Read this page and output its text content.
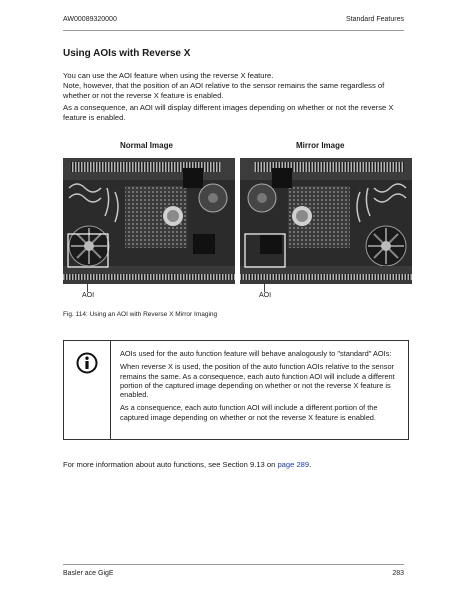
AW00089320000	Standard Features
Using AOIs with Reverse X

You can use the AOI feature when using the reverse X feature.
Note, however, that the position of an AOI relative to the sensor remains the same regardless of whether or not the reverse X feature is enabled.

As a consequence, an AOI will display different images depending on whether or not the reverse X feature is enabled.

Normal Image	Mirror Image
AOI	AOI
Fig. 114: Using an AOI with Reverse X Mirror Imaging

AOIs used for the auto function feature will behave analogously to "standard" AOIs:

When reverse X is used, the position of the auto function AOIs relative to the sensor remains the same. As a consequence, each auto function AOI will include a different portion of the captured image depending on whether or not the reverse X feature is enabled.

As a consequence, each auto function AOI will include a different portion of the captured image depending on whether or not the reverse X feature is enabled.

For more information about auto functions, see Section 9.13 on page 289.
Basler ace GigE	283
